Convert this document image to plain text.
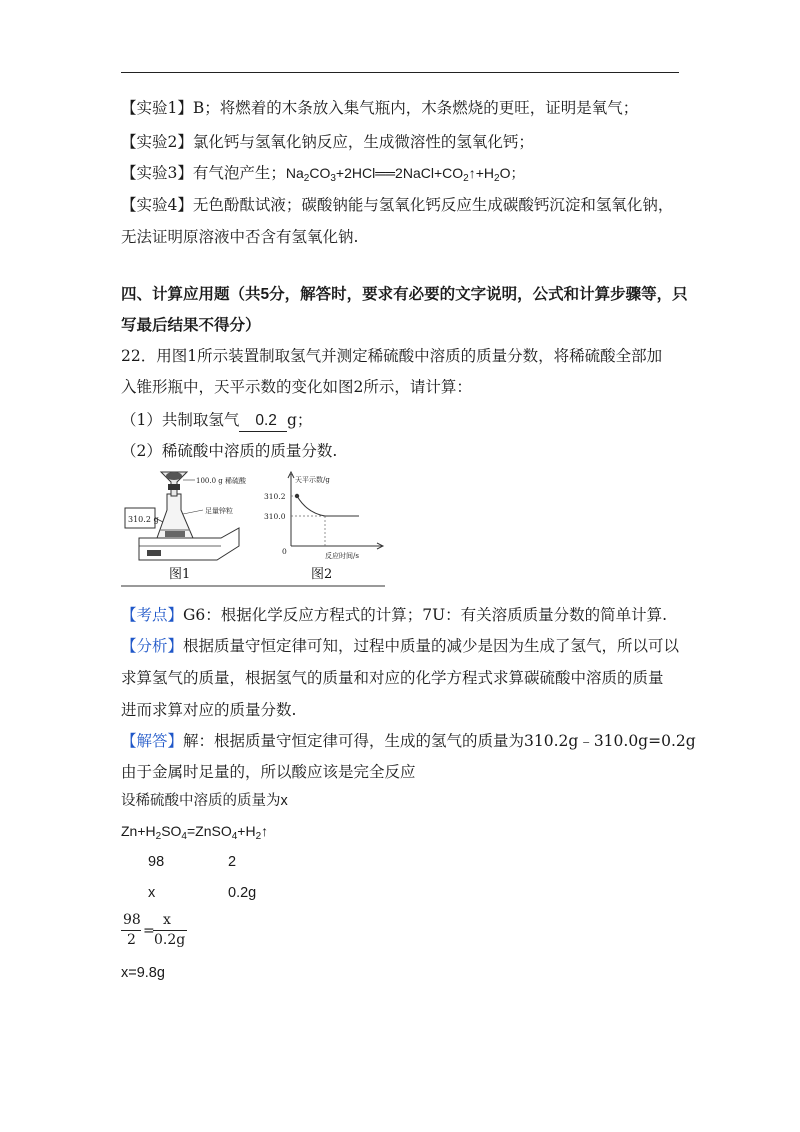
【实验1】B；将燃着的木条放入集气瓶内，木条燃烧的更旺，证明是氧气；
【实验2】氯化钙与氢氧化钠反应，生成微溶性的氢氧化钙；
【实验3】有气泡产生；$Na_2CO_3+2HCl══2NaCl+CO_2↑+H_2O$；
【实验4】无色酚酞试液；碳酸钠能与氢氧化钙反应生成碳酸钙沉淀和氢氧化钠，
无法证明原溶液中否含有氢氧化钠.
四、计算应用题（共5分，解答时，要求有必要的文字说明，公式和计算步骤等，只
写最后结果不得分）
22．用图1所示装置制取氢气并测定稀硫酸中溶质的质量分数，将稀硫酸全部加
入锥形瓶中，天平示数的变化如图2所示，请计算：
（1）共制取氢气 0.2 g；
（2）稀硫酸中溶质的质量分数.
310.2 g
100.0 g 稀硫酸
足量锌粒
图1
天平示数/g
310.2
310.0
0	反应时间/s
图2
【考点】G6：根据化学反应方程式的计算；7U：有关溶质质量分数的简单计算.
【分析】根据质量守恒定律可知，过程中质量的减少是因为生成了氢气，所以可以
求算氢气的质量，根据氢气的质量和对应的化学方程式求算碳硫酸中溶质的质量
进而求算对应的质量分数.
【解答】解：根据质量守恒定律可得，生成的氢气的质量为310.2g﹣310.0g=0.2g
由于金属时足量的，所以酸应该是完全反应
设稀硫酸中溶质的质量为x
$Zn+H_2SO_4=ZnSO_4+H_2↑$
98	2
x	0.2g
98
2
=
x
0.2g
x=9.8g
